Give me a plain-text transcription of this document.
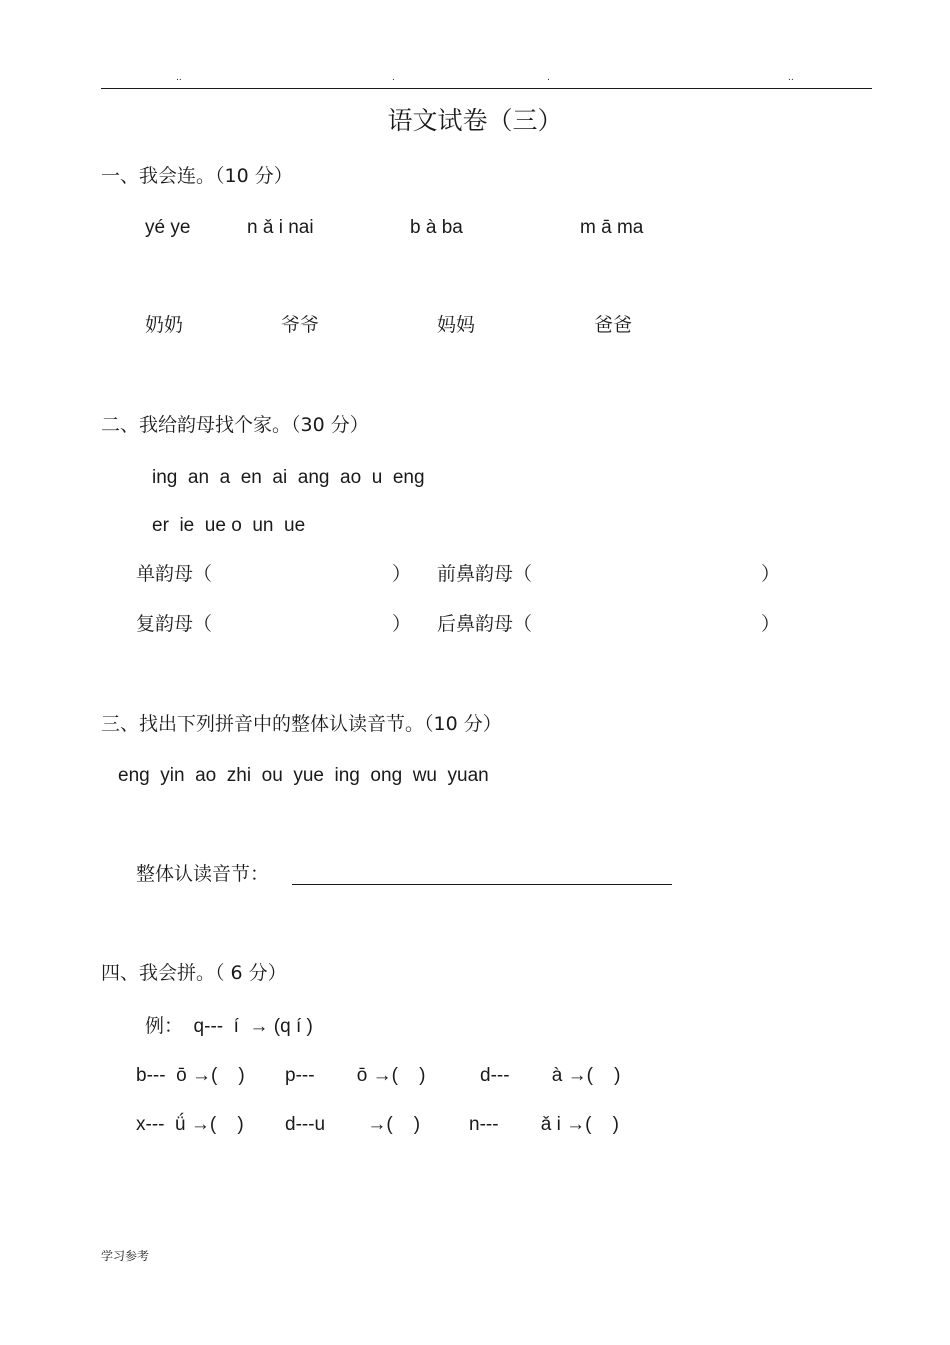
..	.	.	..
语文试卷（三）
一、我会连。（10 分）
yé ye	n ǎ i nai	b à ba	m ā ma
奶奶	爷爷	妈妈	爸爸
二、我给韵母找个家。（30 分）
ing  an  a  en  ai  ang  ao  u  eng
er  ie  ue o  un  ue
单韵母（	） 前鼻韵母（	）
复韵母（	） 后鼻韵母（	）
三、找出下列拼音中的整体认读音节。（10 分）
eng  yin  ao  zhi  ou  yue  ing  ong  wu  yuan
整体认读音节：
四、我会拼。（ 6 分）
例：  q---  í  → (q í )
b---  ō →(    ) p---        ō →(    )	d---        à →(    )
x---  ǘ →(    ) d---u        →(    )	n---        ǎ i →(    )
学习参考
